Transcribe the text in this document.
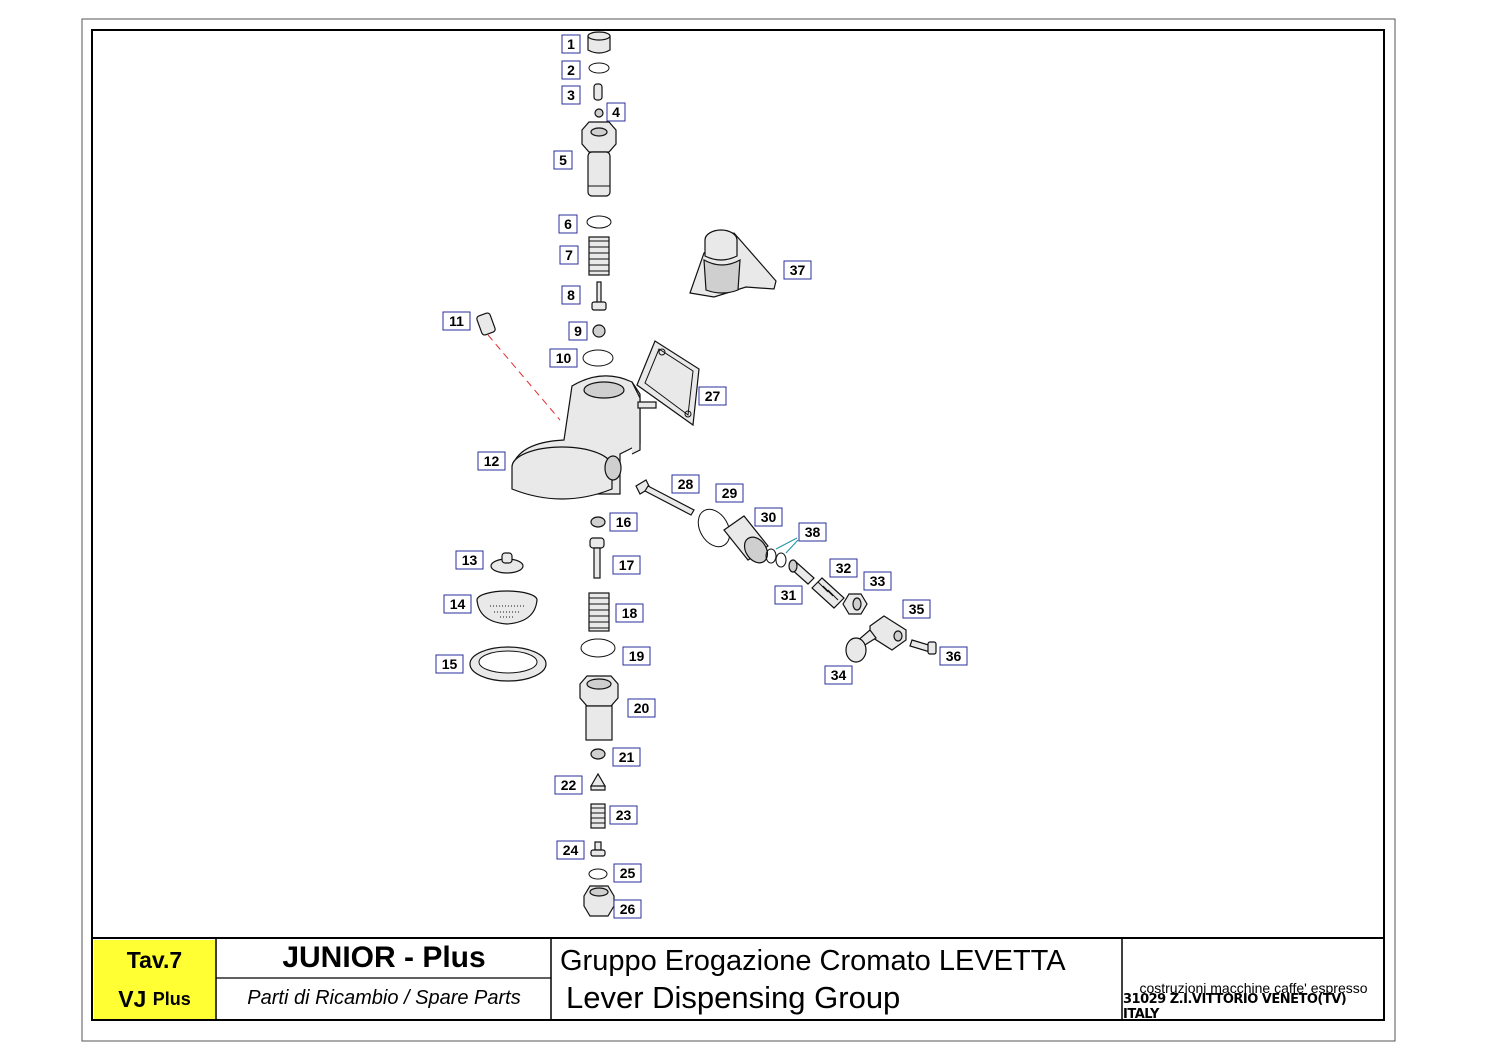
1
2
3
4
5
6
7
8
9
10
11
12
13
14
15
16
17
18
19
20
21
22
23
24
25
26
27
28
29
30
31
32
33
34
35
36
37
38
Tav.7
VJ
Plus
JUNIOR - Plus
Parti di Ricambio / Spare Parts
Gruppo Erogazione Cromato LEVETTA
Lever Dispensing Group	costruzioni macchine caffe' espresso
31029 Z.I.VITTORIO VENETO(TV) ITALY
